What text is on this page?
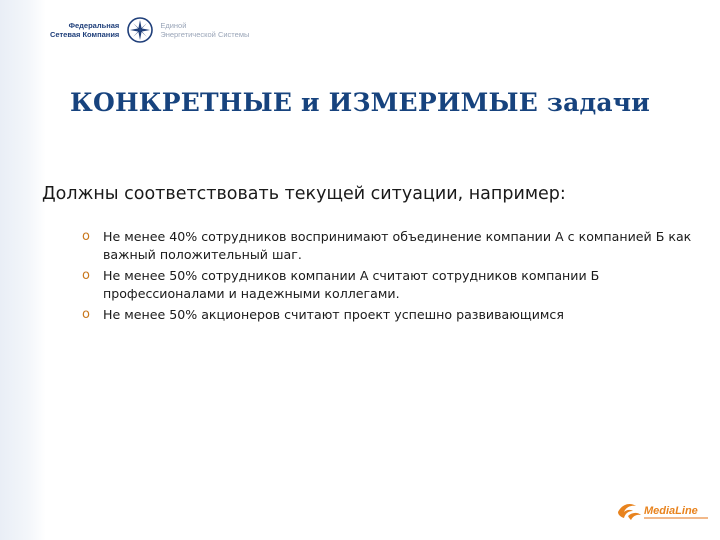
Федеральная
Сетевая Компания
Единой
Энергетической Системы
КОНКРЕТНЫЕ и ИЗМЕРИМЫЕ задачи
Должны соответствовать текущей ситуации, например:
o Не менее 40% сотрудников воспринимают объединение компании А с компанией Б как важный положительный шаг.
o Не менее 50% сотрудников компании А считают сотрудников компании Б профессионалами и надежными коллегами.
o Не менее 50% акционеров считают проект успешно развивающимся
MediaLine
